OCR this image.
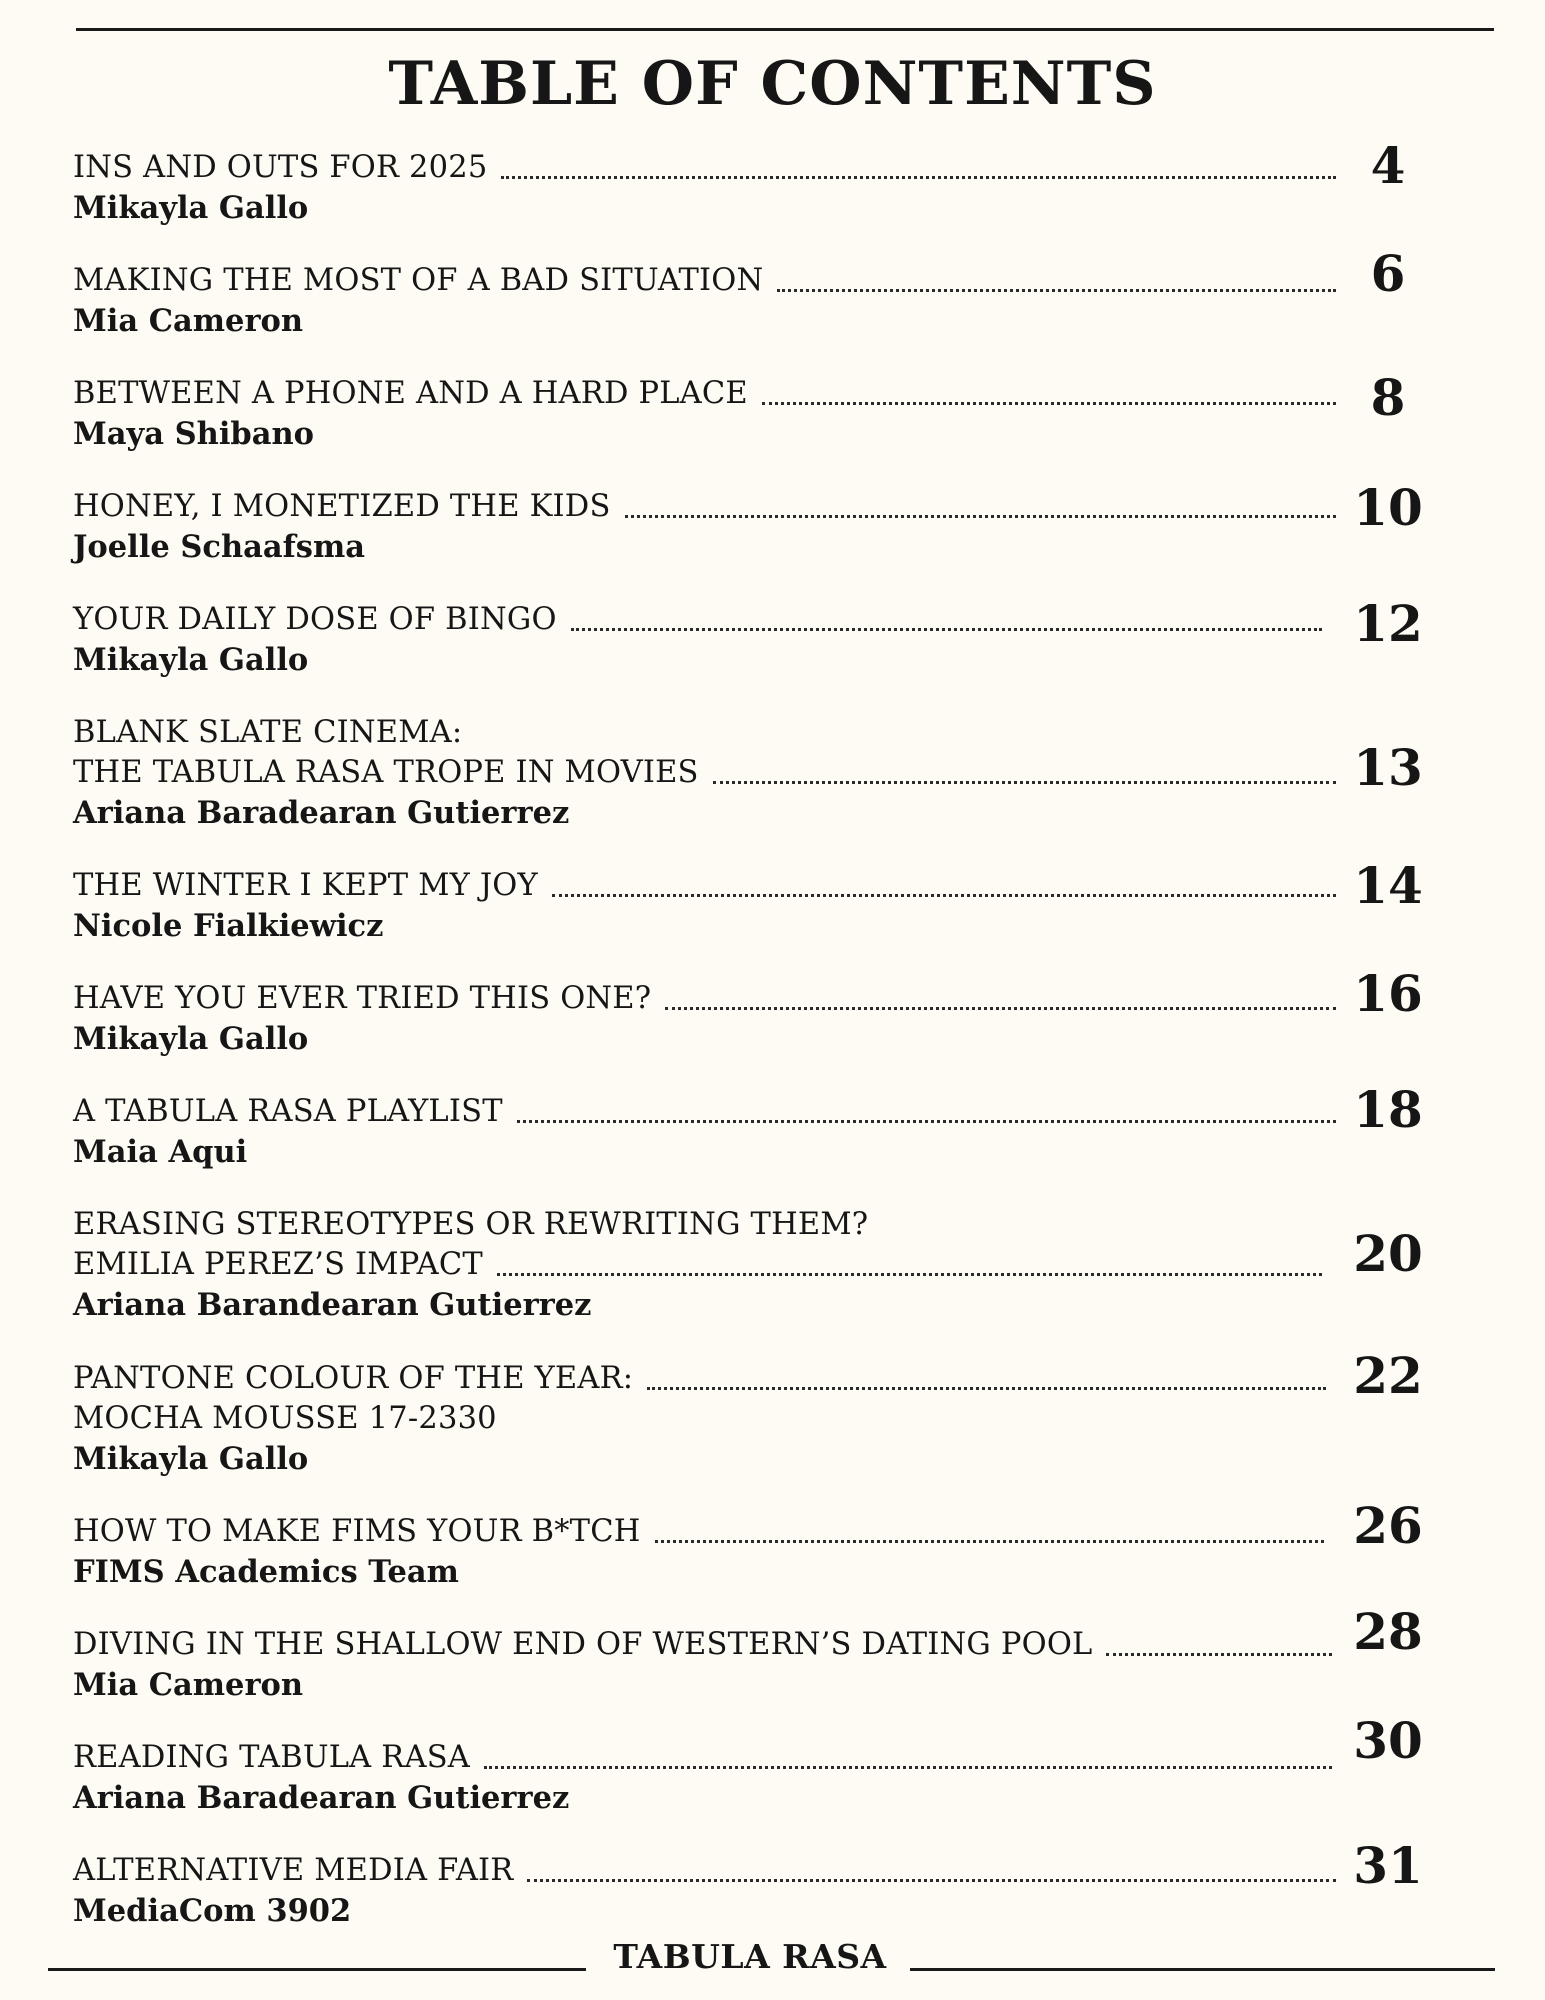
TABLE OF CONTENTS
INS AND OUTS FOR 2025
Mikayla Gallo
4
MAKING THE MOST OF A BAD SITUATION
Mia Cameron
6
BETWEEN A PHONE AND A HARD PLACE
Maya Shibano
8
HONEY, I MONETIZED THE KIDS
Joelle Schaafsma
10
YOUR DAILY DOSE OF BINGO
Mikayla Gallo
12
BLANK SLATE CINEMA:
THE TABULA RASA TROPE IN MOVIES
Ariana Baradearan Gutierrez
13
THE WINTER I KEPT MY JOY
Nicole Fialkiewicz
14
HAVE YOU EVER TRIED THIS ONE?
Mikayla Gallo
16
A TABULA RASA PLAYLIST
Maia Aqui
18
ERASING STEREOTYPES OR REWRITING THEM?
EMILIA PEREZ’S IMPACT
Ariana Barandearan Gutierrez
20
PANTONE COLOUR OF THE YEAR:
MOCHA MOUSSE 17-2330
Mikayla Gallo
22
HOW TO MAKE FIMS YOUR B*TCH
FIMS Academics Team
26
DIVING IN THE SHALLOW END OF WESTERN’S DATING POOL
Mia Cameron
28
READING TABULA RASA
Ariana Baradearan Gutierrez
30
ALTERNATIVE MEDIA FAIR
MediaCom 3902
31
TABULA RASA
